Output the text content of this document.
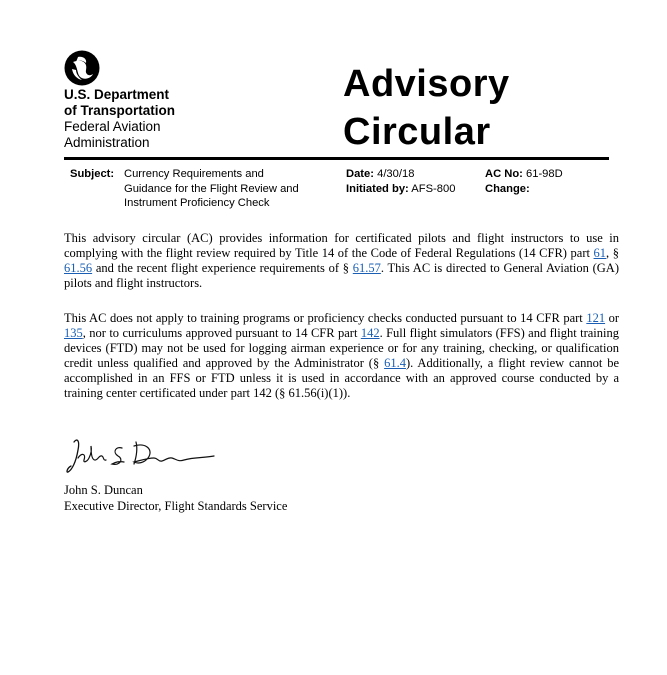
U.S. Department
of Transportation
Federal Aviation
Administration
Advisory
Circular
Subject: Currency Requirements and
Guidance for the Flight Review and
Instrument Proficiency Check
Date: 4/30/18
Initiated by: AFS-800
AC No: 61-98D
Change:
This advisory circular (AC) provides information for certificated pilots and flight instructors to use in complying with the flight review required by Title 14 of the Code of Federal Regulations (14 CFR) part 61, § 61.56 and the recent flight experience requirements of § 61.57. This AC is directed to General Aviation (GA) pilots and flight instructors.
This AC does not apply to training programs or proficiency checks conducted pursuant to 14 CFR part 121 or 135, nor to curriculums approved pursuant to 14 CFR part 142. Full flight simulators (FFS) and flight training devices (FTD) may not be used for logging airman experience or for any training, checking, or qualification credit unless qualified and approved by the Administrator (§ 61.4). Additionally, a flight review cannot be accomplished in an FFS or FTD unless it is used in accordance with an approved course conducted by a training center certificated under part 142 (§ 61.56(i)(1)).
John S. Duncan
Executive Director, Flight Standards Service
